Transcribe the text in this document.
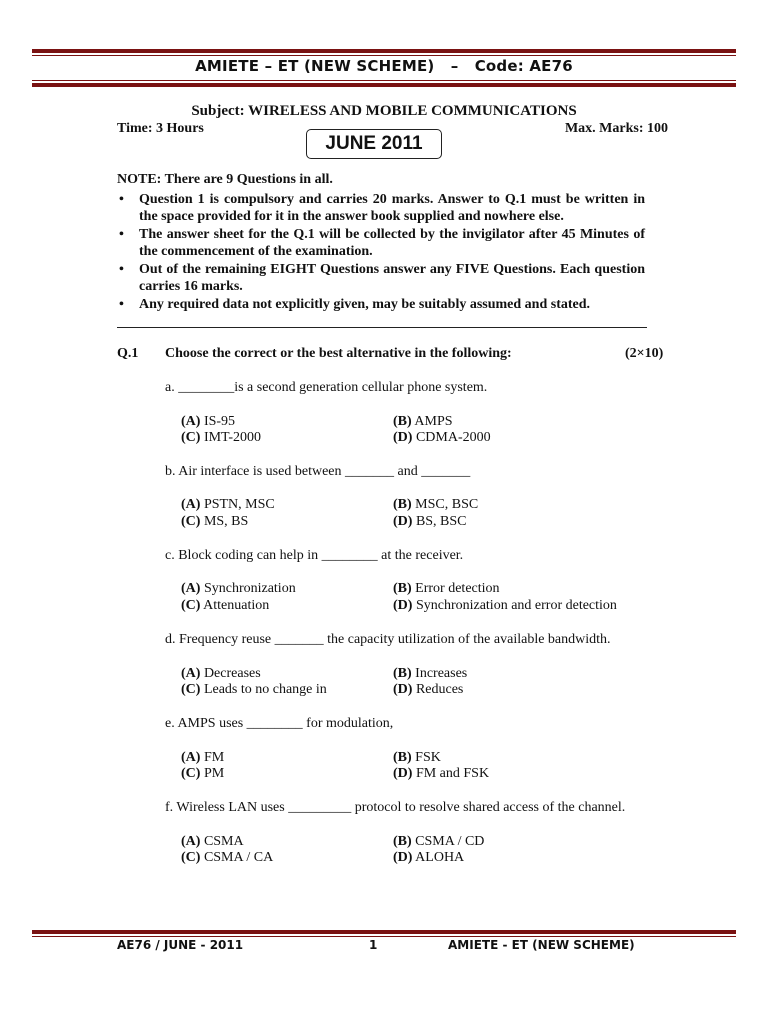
AMIETE – ET (NEW SCHEME)   –   Code: AE76
Subject: WIRELESS AND MOBILE COMMUNICATIONS
Time: 3 Hours	Max. Marks: 100
JUNE 2011
NOTE: There are 9 Questions in all.
• Question 1 is compulsory and carries 20 marks. Answer to Q.1 must be written in the space provided for it in the answer book supplied and nowhere else.
• The answer sheet for the Q.1 will be collected by the invigilator after 45 Minutes of the commencement of the examination.
• Out of the remaining EIGHT Questions answer any FIVE Questions. Each question carries 16 marks.
• Any required data not explicitly given, may be suitably assumed and stated.
Q.1 Choose the correct or the best alternative in the following:	(2×10)
a. ________is a second generation cellular phone system.
(A) IS-95	(B) AMPS
(C) IMT-2000	(D) CDMA-2000
b. Air interface is used between _______ and _______
(A) PSTN, MSC	(B) MSC, BSC
(C) MS, BS	(D) BS, BSC
c. Block coding can help in ________ at the receiver.
(A) Synchronization	(B) Error detection
(C) Attenuation	(D) Synchronization and error detection
d. Frequency reuse _______ the capacity utilization of the available bandwidth.
(A) Decreases	(B) Increases
(C) Leads to no change in	(D) Reduces
e. AMPS uses ________ for modulation,
(A) FM	(B) FSK
(C) PM	(D) FM and FSK
f. Wireless LAN uses _________ protocol to resolve shared access of the channel.
(A) CSMA	(B) CSMA / CD
(C) CSMA / CA	(D) ALOHA
AE76 / JUNE - 2011	1	AMIETE - ET (NEW SCHEME)
